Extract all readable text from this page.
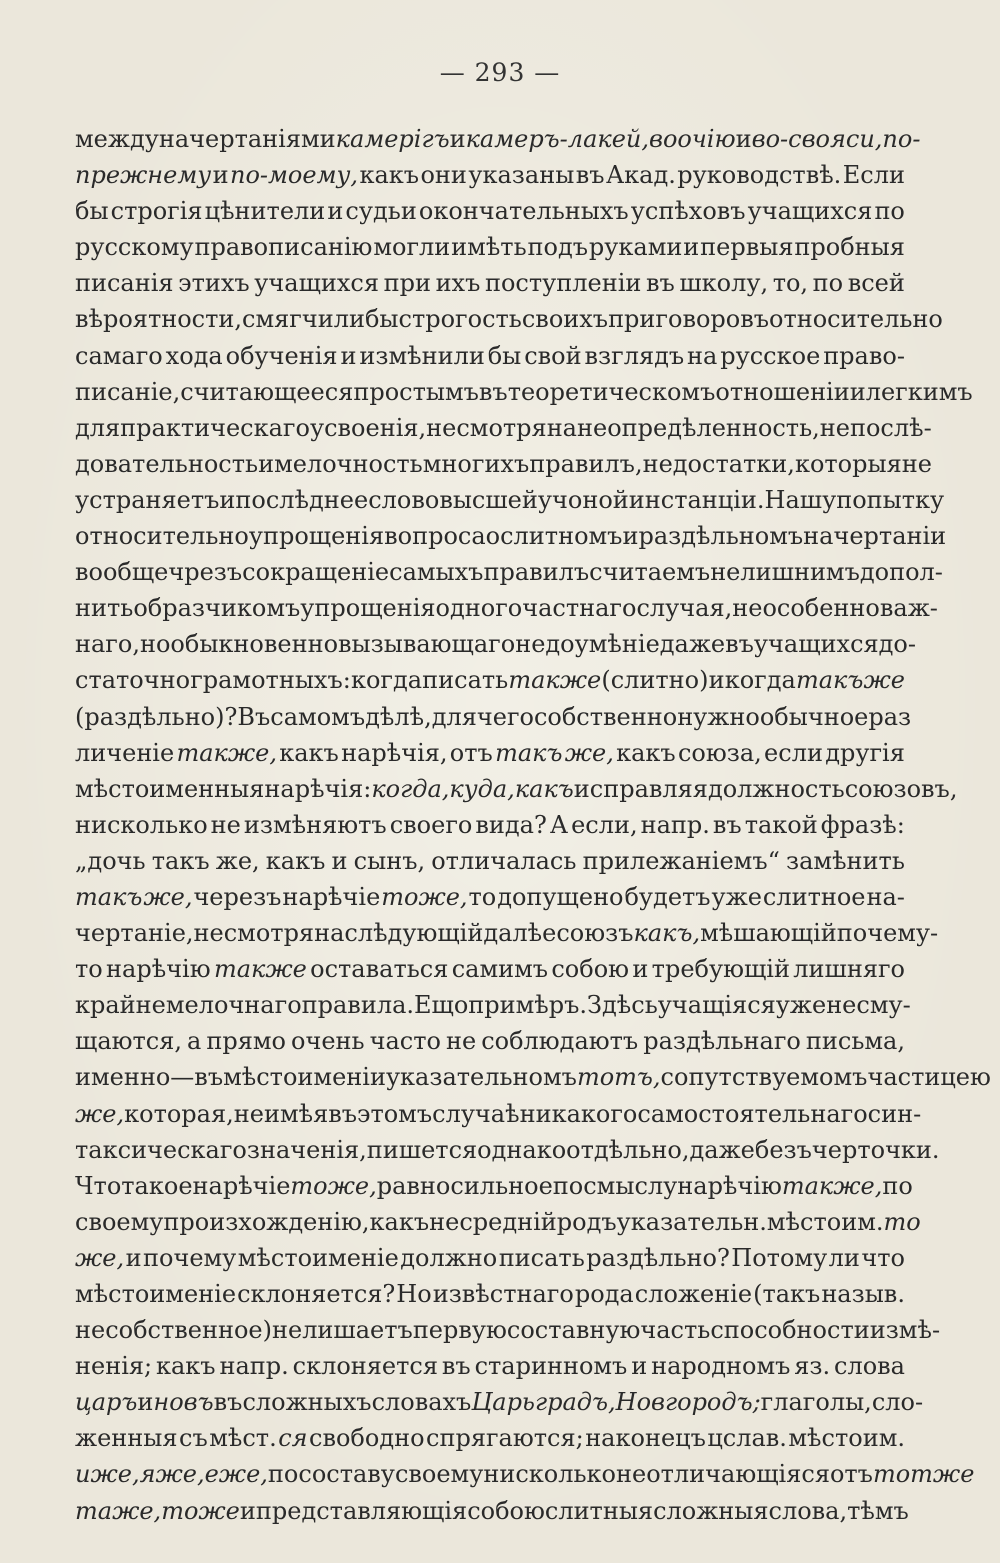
— 293 —
между начертаніями камерігъ и камеръ-лакей, воочію и во-свояси, по-
прежнему и по-моему, какъ они указаны въ Акад. руководствѣ. Если
бы строгія цѣнители и судьи окончательныхъ успѣховъ учащихся по
русскому правописанію могли имѣть подъ руками и первыя пробныя
писанія этихъ учащихся при ихъ поступленіи въ школу, то, по всей
вѣроятности, смягчили бы строгость своихъ приговоровъ относительно
самаго хода обученія и измѣнили бы свой взглядъ на русское право-
писаніе, считающееся простымъ въ теоретическомъ отношеніи и легкимъ
для практическаго усвоенія, не смотря на неопредѣленность, непослѣ-
довательность и мелочность многихъ правилъ, недостатки, которыя не
устраняетъ и послѣднее слово высшей учоной инстанціи. Нашу попытку
относительно упрощенія вопроса о слитномъ и раздѣльномъ начертаніи
вообще чрезъ сокращеніе самыхъ правилъ считаемъ нелишнимъ допол-
нить образчикомъ упрощенія одного частнаго случая, не особенно важ-
наго, но обыкновенно вызывающаго недоумѣніе даже въ учащихся до-
статочно грамотныхъ: когда писать также (слитно) и когда такъ же
(раздѣльно)? Въ самомъ дѣлѣ, для чего собственно нужно обычное раз
личеніе также, какъ нарѣчія, отъ такъ же, какъ союза, если другія
мѣстоименныя нарѣчія: когда, куда, какъ исправляя должность союзовъ,
нисколько не измѣняютъ своего вида? А если, напр. въ такой фразѣ:
„дочь такъ же, какъ и сынъ, отличалась прилежаніемъ“ замѣнить
такъ же, черезъ нарѣчіе тоже, то допущено будетъ уже слитное на-
чертаніе, не смотря на слѣдующій далѣе союзъ какъ, мѣшающій почему-
то нарѣчію также оставаться самимъ собою и требующій лишняго
крайне мелочнаго правила. Ещо примѣръ. Здѣсь учащіяся уже не сму-
щаются, а прямо очень часто не соблюдаютъ раздѣльнаго письма,
именно—въ мѣстоименіи указательномъ тотъ, сопутствуемомъ частицею
же, которая, не имѣя въ этомъ случаѣ никакого самостоятельнаго син-
таксическаго значенія, пишется однако отдѣльно, даже безъ черточки.
Что такое нарѣчіе тоже, равносильное по смыслу нарѣчію также, по
своему произхожденію, какъ не средній родъ указательн. мѣстоим. то
же, и почему мѣстоименіе должно писать раздѣльно? Потому ли что
мѣстоименіе склоняется? Но извѣстнаго рода сложеніе (такъ назыв.
несобственное) не лишаетъ первую составную часть способности измѣ-
ненія; какъ напр. склоняется въ старинномъ и народномъ яз. слова
царъ и новъ въ сложныхъ словахъ Царьградъ, Новгородъ; глаголы, сло-
женныя съ мѣст. ся свободно спрягаются; наконецъ цслав. мѣстоим.
иже, яже, еже, по составу своему нисколько не отличающіяся отъ тотже
таже, тоже и представляющія собою слитныя сложныя слова, тѣмъ
